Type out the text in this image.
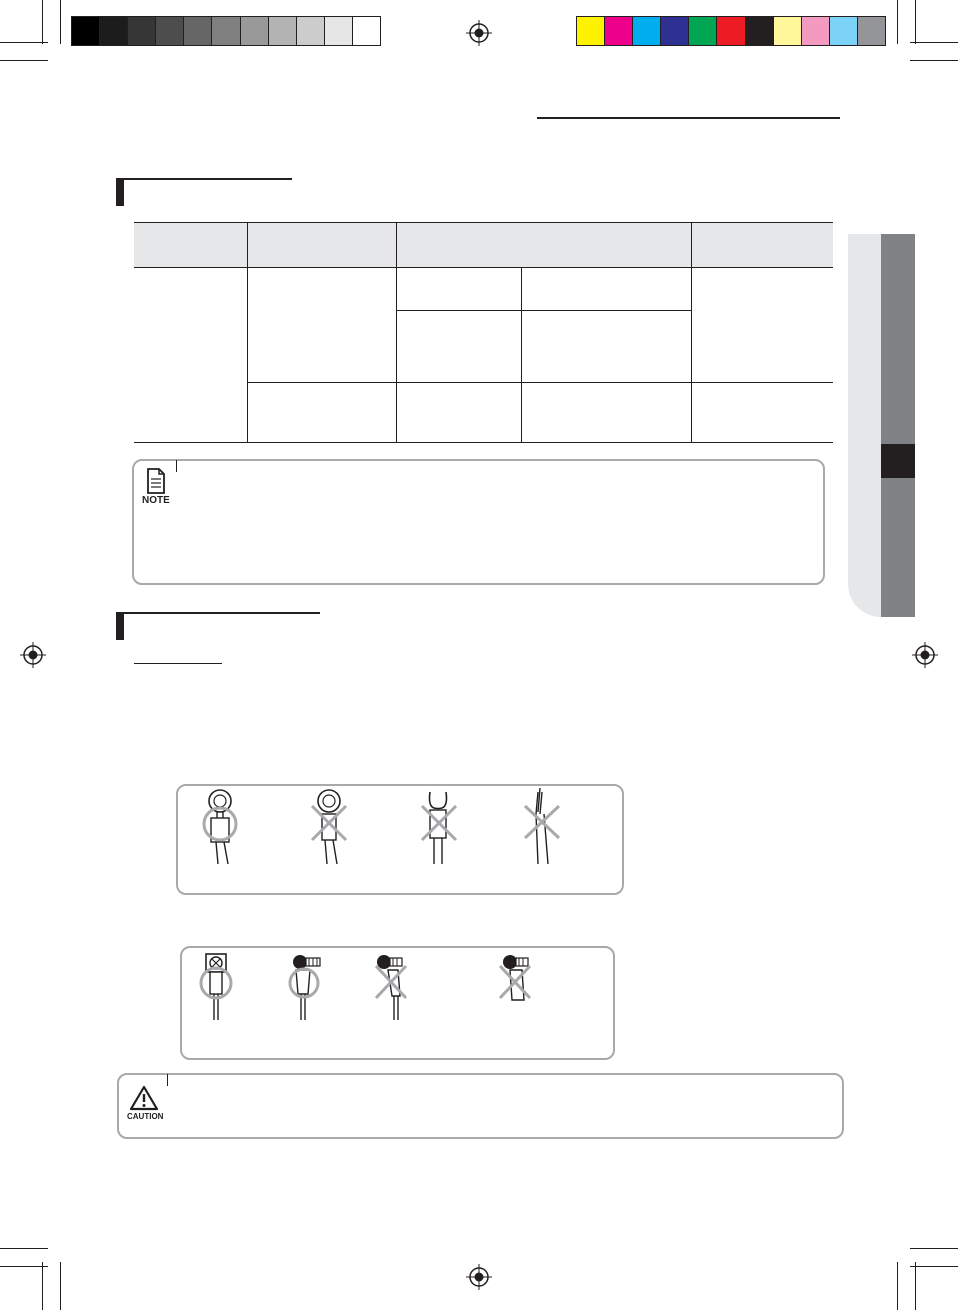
NOTE
CAUTION
